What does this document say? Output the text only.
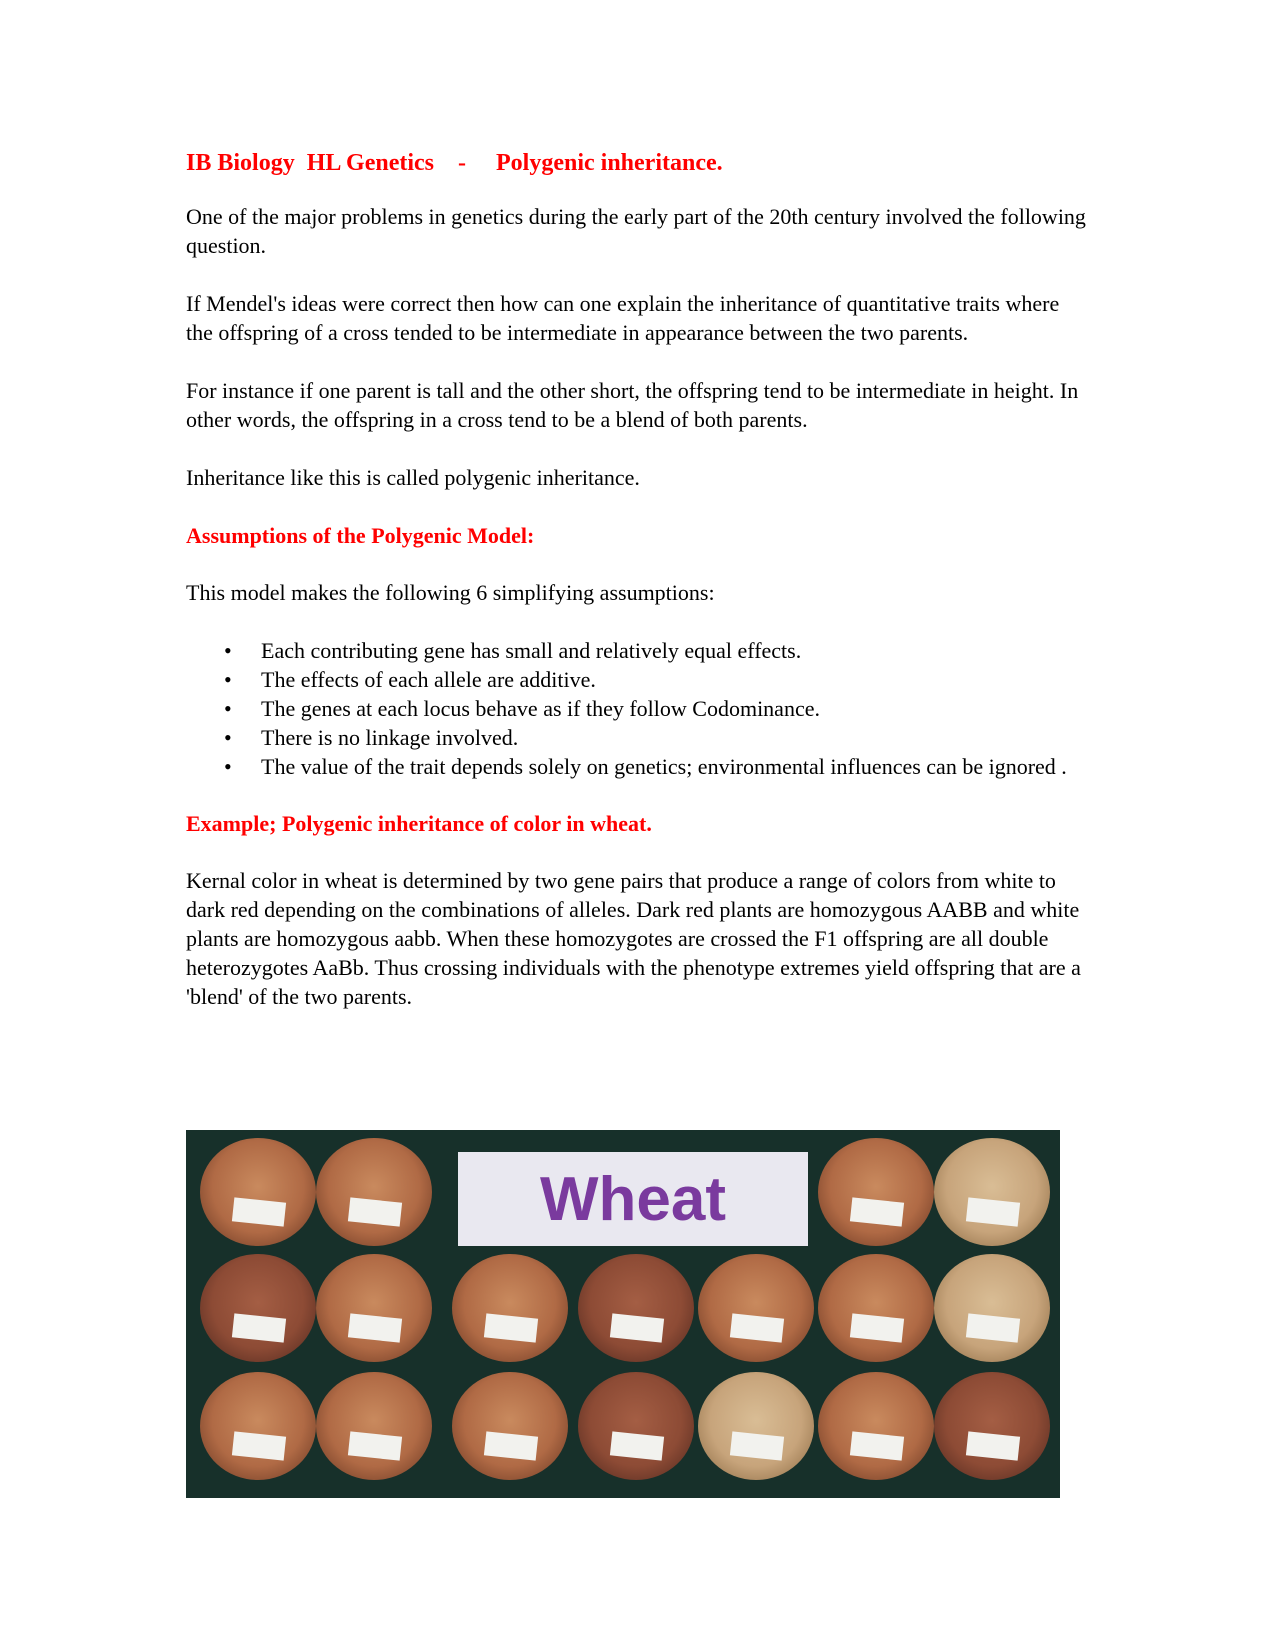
IB Biology  HL Genetics    -     Polygenic inheritance.

One of the major problems in genetics during the early part of the 20th century involved the following question.

If Mendel's ideas were correct then how can one explain the inheritance of quantitative traits where the offspring of a cross tended to be intermediate in appearance between the two parents.

For instance if one parent is tall and the other short, the offspring tend to be intermediate in height. In other words, the offspring in a cross tend to be a blend of both parents.

Inheritance like this is called polygenic inheritance.

Assumptions of the Polygenic Model:

This model makes the following 6 simplifying assumptions:

• Each contributing gene has small and relatively equal effects.
• The effects of each allele are additive.
• The genes at each locus behave as if they follow Codominance.
• There is no linkage involved.
• The value of the trait depends solely on genetics; environmental influences can be ignored .
Example; Polygenic inheritance of color in wheat.

Kernal color in wheat is determined by two gene pairs that produce a range of colors from white to dark red depending on the combinations of alleles. Dark red plants are homozygous AABB and white plants are homozygous aabb. When these homozygotes are crossed the F1 offspring are all double heterozygotes AaBb. Thus crossing individuals with the phenotype extremes yield offspring that are a 'blend' of the two parents.

Wheat
